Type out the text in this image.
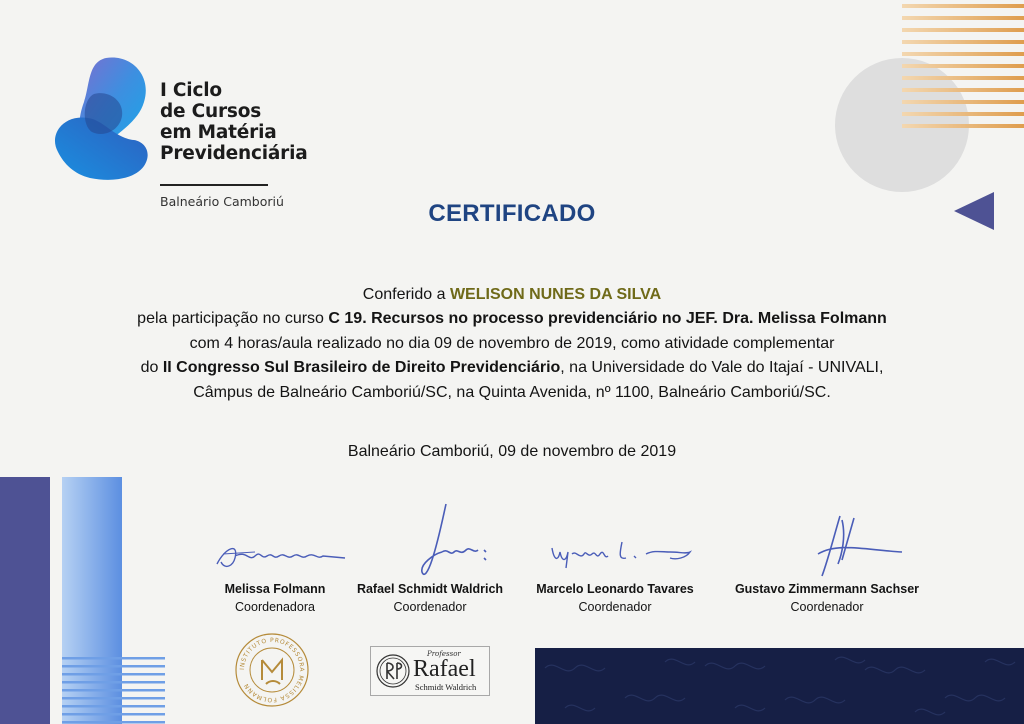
I Ciclo
de Cursos
em Matéria
Previdenciária
Balneário Camboriú	CERTIFICADO
Conferido a WELISON NUNES DA SILVA
pela participação no curso C 19. Recursos no processo previdenciário no JEF. Dra. Melissa Folmann
com 4 horas/aula realizado no dia 09 de novembro de 2019, como atividade complementar
do II Congresso Sul Brasileiro de Direito Previdenciário, na Universidade do Vale do Itajaí - UNIVALI,
Câmpus de Balneário Camboriú/SC, na Quinta Avenida, nº 1100, Balneário Camboriú/SC.
Balneário Camboriú, 09 de novembro de 2019
Melissa Folmann
Coordenadora
Rafael Schmidt Waldrich
Coordenador
Marcelo Leonardo Tavares
Coordenador
Gustavo Zimmermann Sachser
Coordenador
INSTITUTO PROFESSORA MELISSA FOLMANN
Professor
Rafael
Schmidt Waldrich
